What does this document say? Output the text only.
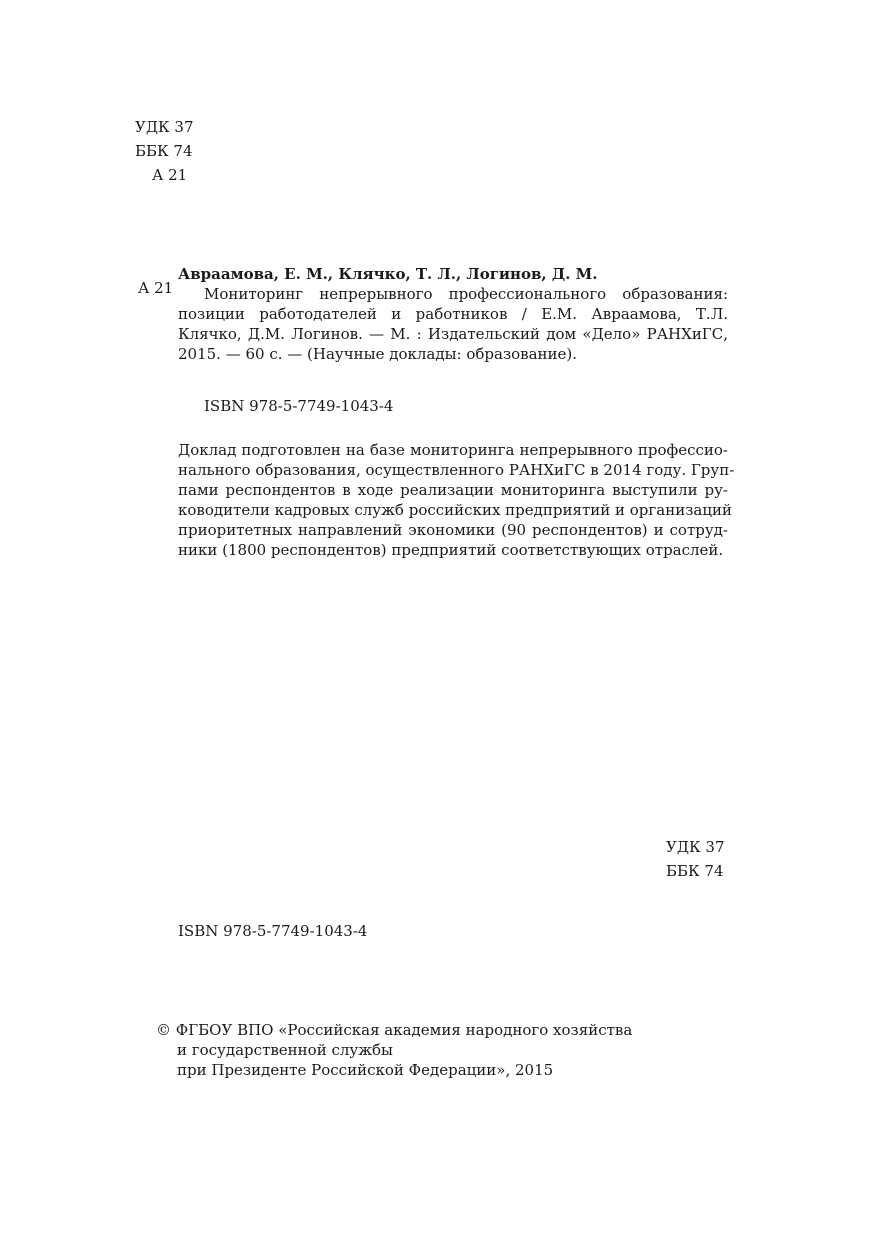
УДК 37
ББК 74
А 21
А 21
Авраамова, Е. М., Клячко, Т. Л., Логинов, Д. М.
Мониторинг непрерывного профессионального образования: позиции работодателей и работников / Е.М. Авраамова, Т.Л. Клячко, Д.М. Логинов. — М. : Издательский дом «Дело» РАНХиГС, 2015. — 60 с. — (Научные доклады: образование).
ISBN 978-5-7749-1043-4
Доклад подготовлен на базе мониторинга непрерывного профессио-
нального образования, осуществленного РАНХиГС в 2014 году. Груп-
пами респондентов в ходе реализации мониторинга выступили ру-
ководители кадровых служб российских предприятий и организаций
приоритетных направлений экономики (90 респондентов) и сотруд-
ники (1800 респондентов) предприятий соответствующих отраслей.
УДК 37
ББК 74
ISBN 978-5-7749-1043-4
© ФГБОУ ВПО «Российская академия народного хозяйства
и государственной службы
при Президенте Российской Федерации», 2015
